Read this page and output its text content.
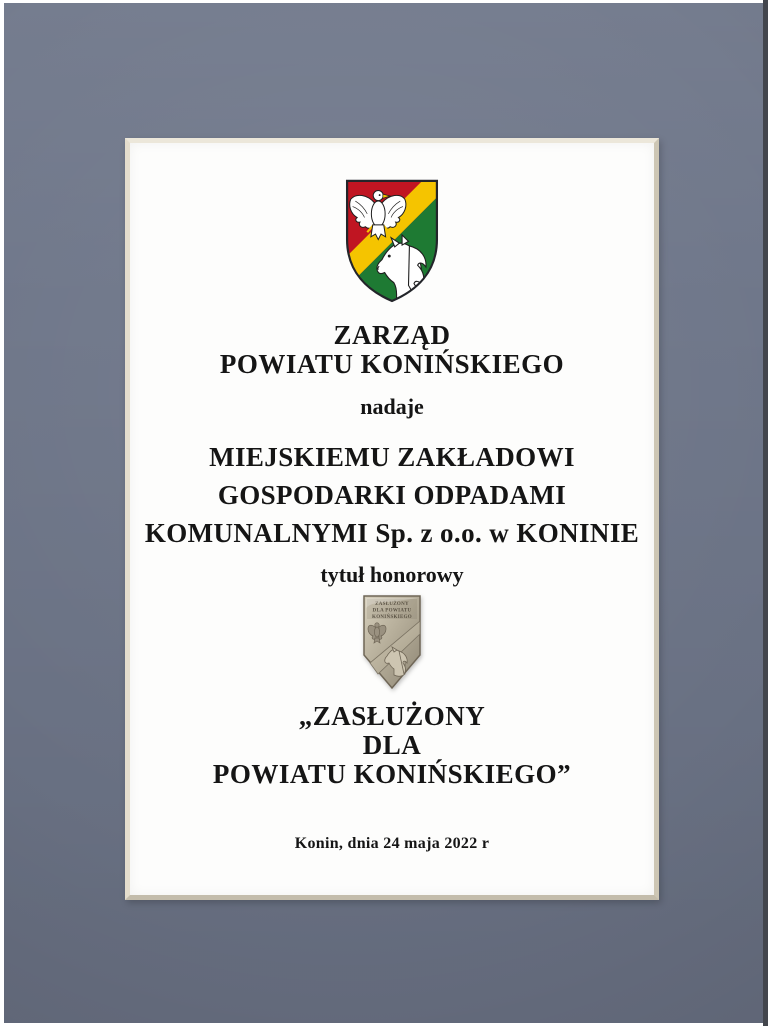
ZARZĄD
POWIATU KONIŃSKIEGO
nadaje
MIEJSKIEMU ZAKŁADOWI
GOSPODARKI ODPADAMI
KOMUNALNYMI Sp. z o.o. w KONINIE
tytuł honorowy
ZASŁUŻONY
DLA POWIATU
KONIŃSKIEGO
„ZASŁUŻONY
DLA
POWIATU KONIŃSKIEGO”
Konin, dnia 24 maja 2022 r
